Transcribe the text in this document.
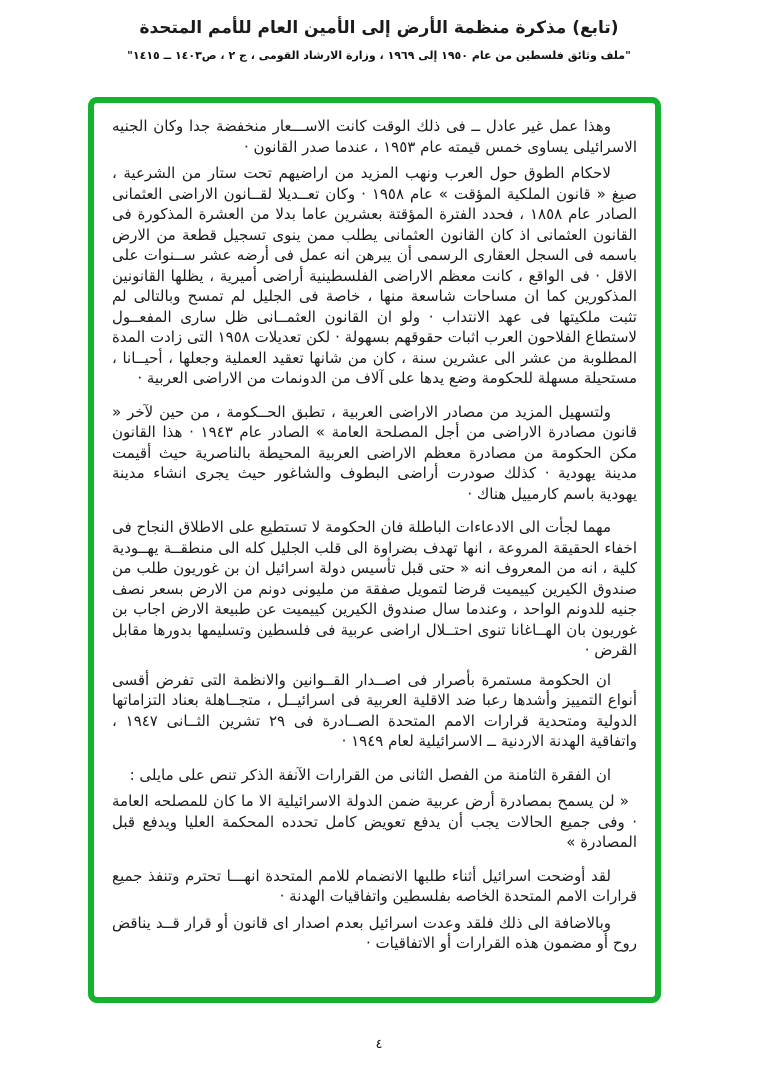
(تابع) مذكرة منظمة الأرض إلى الأمين العام للأمم المتحدة
"ملف وثائق فلسطين من عام ١٩٥٠ إلى ١٩٦٩ ، وزارة الارشاد القومى ، ج ٢ ، ص١٤٠٣ ــ ١٤١٥"

وهذا عمل غير عادل ــ فى ذلك الوقت كانت الاســـعار منخفضة جدا وكان الجنيه الاسرائيلى يساوى خمس قيمته عام ١٩٥٣ ، عندما صدر القانون ·

لاحكام الطوق حول العرب ونهب المزيد من اراضيهم تحت ستار من الشرعية ، صيغ « قانون الملكية المؤقت » عام ١٩٥٨ · وكان تعــديلا لقــانون الاراضى العثمانى الصادر عام ١٨٥٨ ، فحدد الفترة المؤقتة بعشرين عاما بدلا من العشرة المذكورة فى القانون العثمانى اذ كان القانون العثمانى يطلب ممن ينوى تسجيل قطعة من الارض باسمه فى السجل العقارى الرسمى أن يبرهن انه عمل فى أرضه عشر ســنوات على الاقل · فى الواقع ، كانت معظم الاراضى الفلسطينية أراضى أميرية ، يظلها القانونين المذكورين كما ان مساحات شاسعة منها ، خاصة فى الجليل لم تمسح وبالتالى لم تثبت ملكيتها فى عهد الانتداب · ولو ان القانون العثمــانى ظل سارى المفعــول لاستطاع الفلاحون العرب اثبات حقوقهم بسهولة · لكن تعديلات ١٩٥٨ التى زادت المدة المطلوبة من عشر الى عشرين سنة ، كان من شانها تعقيد العملية وجعلها ، أحيــانا ، مستحيلة مسهلة للحكومة وضع يدها على آلاف من الدونمات من الاراضى العربية ·

ولتسهيل المزيد من مصادر الاراضى العربية ، تطبق الحــكومة ، من حين لآخر « قانون مصادرة الاراضى من أجل المصلحة العامة » الصادر عام ١٩٤٣ · هذا القانون مكن الحكومة من مصادرة معظم الاراضى العربية المحيطة بالناصرية حيث أقيمت مدينة يهودية · كذلك صودرت أراضى البطوف والشاغور حيث يجرى انشاء مدينة يهودية باسم كارمييل هناك ·

مهما لجأت الى الادعاءات الباطلة فان الحكومة لا تستطيع على الاطلاق النجاح فى اخفاء الحقيقة المروعة ، انها تهدف بضراوة الى قلب الجليل كله الى منطقــة يهــودية كلية ، انه من المعروف انه « حتى قبل تأسيس دولة اسرائيل ان بن غوريون طلب من صندوق الكيرين كييميت قرضا لتمويل صفقة من مليونى دونم من الارض بسعر نصف جنيه للدونم الواحد ، وعندما سال صندوق الكيرين كييميت عن طبيعة الارض اجاب بن غوريون بان الهــاغانا تنوى احتــلال اراضى عربية فى فلسطين وتسليمها بدورها مقابل القرض ·

ان الحكومة مستمرة بأصرار فى اصــدار القــوانين والانظمة التى تفرض أقسى أنواع التمييز وأشدها رعبا ضد الاقلية العربية فى اسرائيــل ، متجــاهلة بعناد التزاماتها الدولية ومتحدية قرارات الامم المتحدة الصــادرة فى ٢٩ تشرين الثــانى ١٩٤٧ ، واتفاقية الهدنة الاردنية ــ الاسرائيلية لعام ١٩٤٩ ·

ان الفقرة الثامنة من الفصل الثانى من القرارات الآنفة الذكر تنص على مايلى :

« لن يسمح بمصادرة أرض عربية ضمن الدولة الاسرائيلية الا ما كان للمصلحه العامة · وفى جميع الحالات يجب أن يدفع تعويض كامل تحدده المحكمة العليا ويدفع قبل المصادرة »

لقد أوضحت اسرائيل أثناء طلبها الانضمام للامم المتحدة انهـــا تحترم وتنفذ جميع قرارات الامم المتحدة الخاصه بفلسطين واتفاقيات الهدنة ·

وبالاضافة الى ذلك فلقد وعدت اسرائيل بعدم اصدار اى قانون أو قرار قــد يناقض روح أو مضمون هذه القرارات أو الاتفاقيات ·

٤
